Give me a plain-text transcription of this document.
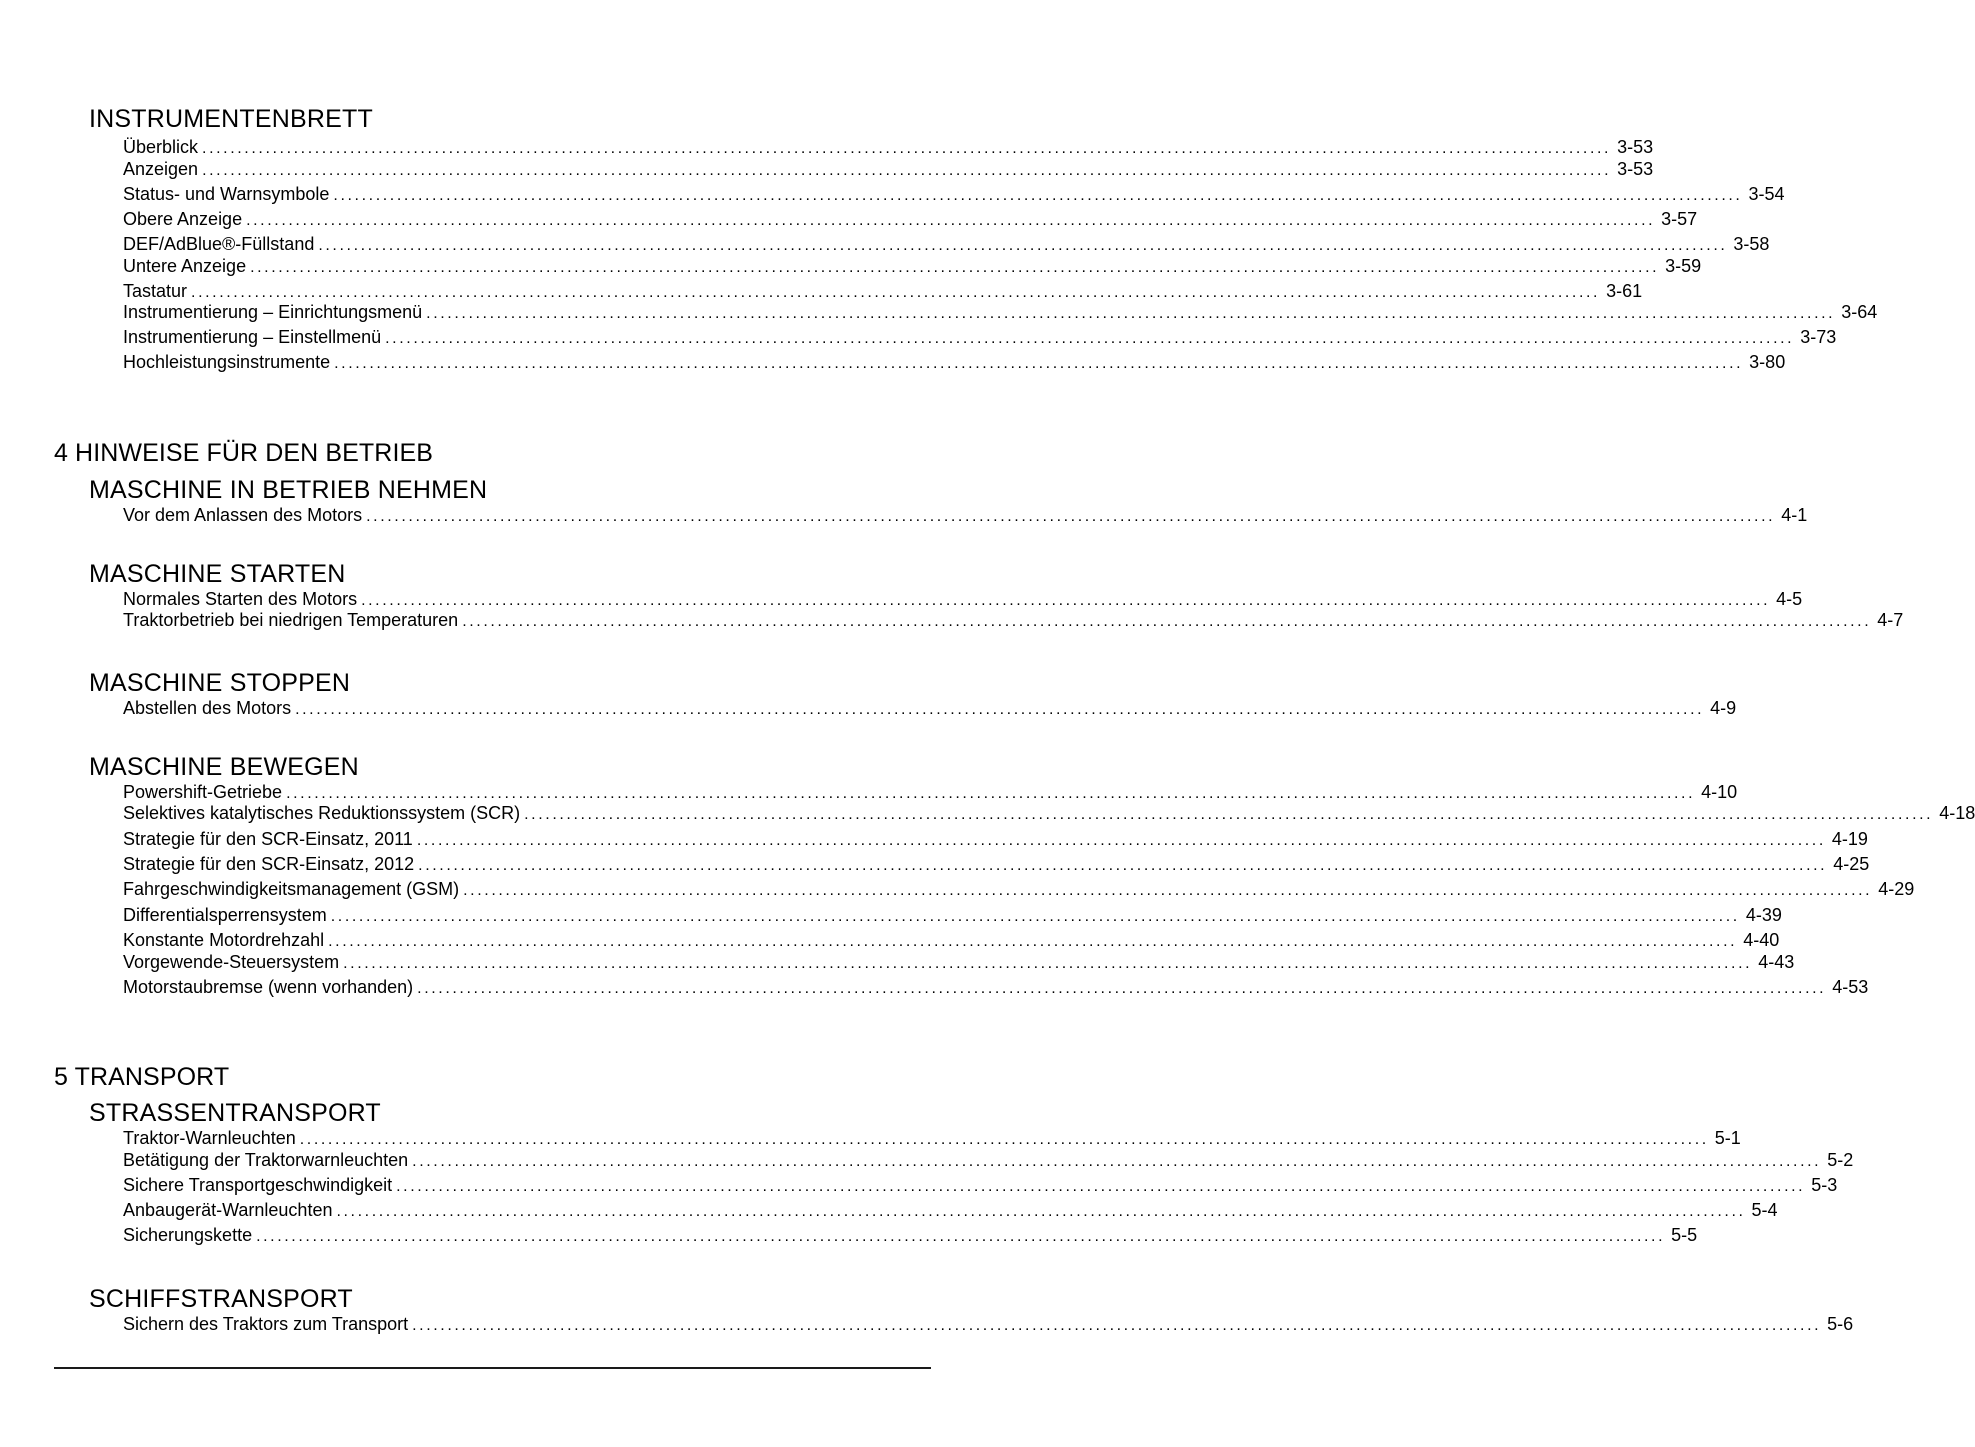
INSTRUMENTENBRETT
Überblick ........................................................................................................................................................................................................ 3-53
Anzeigen ........................................................................................................................................................................................................ 3-53
Status- und Warnsymbole ........................................................................................................................................................................................................ 3-54
Obere Anzeige ........................................................................................................................................................................................................ 3-57
DEF/AdBlue®-Füllstand ........................................................................................................................................................................................................ 3-58
Untere Anzeige ........................................................................................................................................................................................................ 3-59
Tastatur ........................................................................................................................................................................................................ 3-61
Instrumentierung – Einrichtungsmenü ........................................................................................................................................................................................................ 3-64
Instrumentierung – Einstellmenü ........................................................................................................................................................................................................ 3-73
Hochleistungsinstrumente ........................................................................................................................................................................................................ 3-80
4 HINWEISE FÜR DEN BETRIEB
MASCHINE IN BETRIEB NEHMEN
Vor dem Anlassen des Motors ........................................................................................................................................................................................................ 4-1
MASCHINE STARTEN
Normales Starten des Motors ........................................................................................................................................................................................................ 4-5
Traktorbetrieb bei niedrigen Temperaturen ........................................................................................................................................................................................................ 4-7
MASCHINE STOPPEN
Abstellen des Motors ........................................................................................................................................................................................................ 4-9
MASCHINE BEWEGEN
Powershift-Getriebe ........................................................................................................................................................................................................ 4-10
Selektives katalytisches Reduktionssystem (SCR) ........................................................................................................................................................................................................ 4-18
Strategie für den SCR-Einsatz, 2011 ........................................................................................................................................................................................................ 4-19
Strategie für den SCR-Einsatz, 2012 ........................................................................................................................................................................................................ 4-25
Fahrgeschwindigkeitsmanagement (GSM) ........................................................................................................................................................................................................ 4-29
Differentialsperrensystem ........................................................................................................................................................................................................ 4-39
Konstante Motordrehzahl ........................................................................................................................................................................................................ 4-40
Vorgewende-Steuersystem ........................................................................................................................................................................................................ 4-43
Motorstaubremse (wenn vorhanden) ........................................................................................................................................................................................................ 4-53
5 TRANSPORT
STRASSENTRANSPORT
Traktor-Warnleuchten ........................................................................................................................................................................................................ 5-1
Betätigung der Traktorwarnleuchten ........................................................................................................................................................................................................ 5-2
Sichere Transportgeschwindigkeit ........................................................................................................................................................................................................ 5-3
Anbaugerät-Warnleuchten ........................................................................................................................................................................................................ 5-4
Sicherungskette ........................................................................................................................................................................................................ 5-5
SCHIFFSTRANSPORT
Sichern des Traktors zum Transport ........................................................................................................................................................................................................ 5-6
